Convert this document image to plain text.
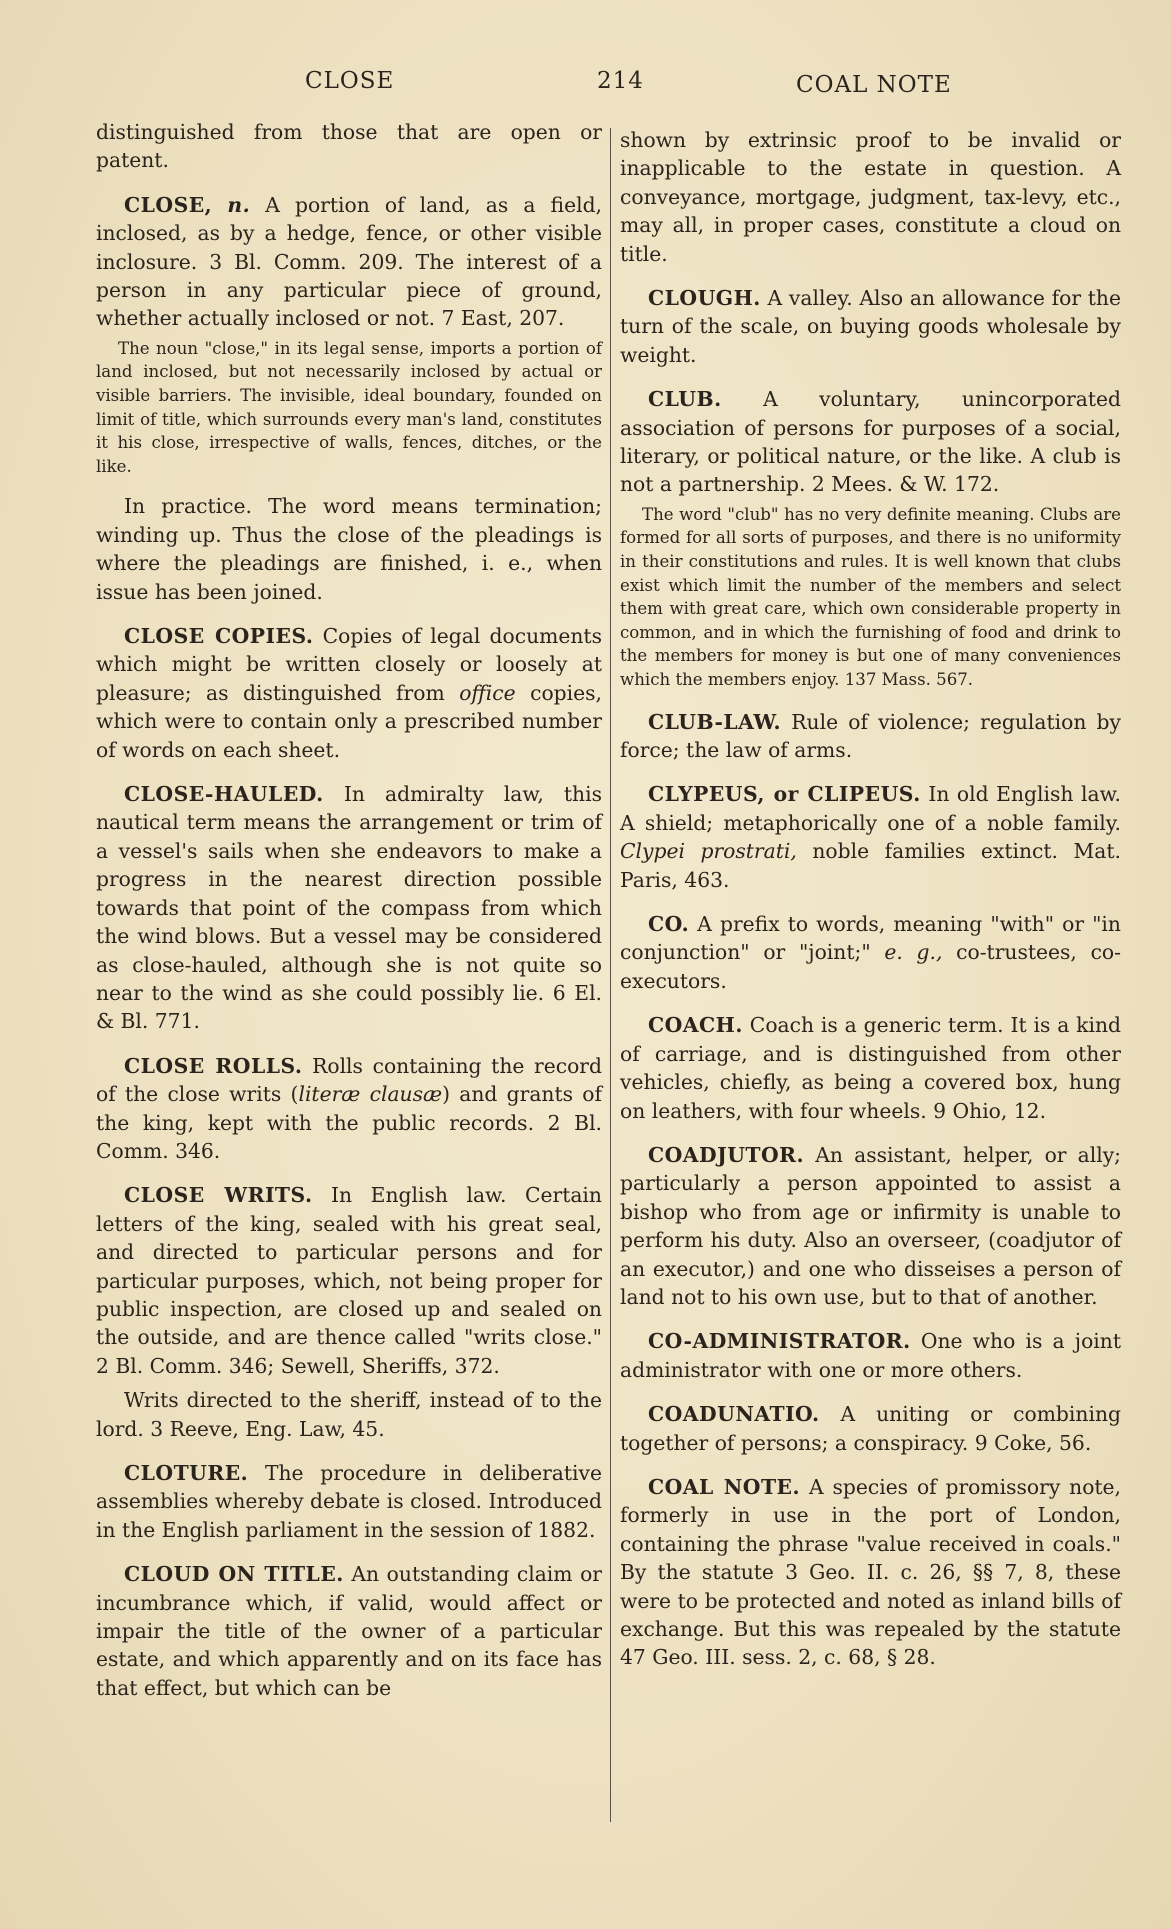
CLOSE	214	COAL NOTE

distinguished from those that are open or patent.

CLOSE, n. A portion of land, as a field, inclosed, as by a hedge, fence, or other visible inclosure. 3 Bl. Comm. 209. The interest of a person in any particular piece of ground, whether actually inclosed or not. 7 East, 207.

The noun "close," in its legal sense, imports a portion of land inclosed, but not necessarily inclosed by actual or visible barriers. The invisible, ideal boundary, founded on limit of title, which surrounds every man's land, constitutes it his close, irrespective of walls, fences, ditches, or the like.

In practice. The word means termination; winding up. Thus the close of the pleadings is where the pleadings are finished, i. e., when issue has been joined.

CLOSE COPIES. Copies of legal documents which might be written closely or loosely at pleasure; as distinguished from office copies, which were to contain only a prescribed number of words on each sheet.

CLOSE-HAULED. In admiralty law, this nautical term means the arrangement or trim of a vessel's sails when she endeavors to make a progress in the nearest direction possible towards that point of the compass from which the wind blows. But a vessel may be considered as close-hauled, although she is not quite so near to the wind as she could possibly lie. 6 El. & Bl. 771.

CLOSE ROLLS. Rolls containing the record of the close writs (literæ clausæ) and grants of the king, kept with the public records. 2 Bl. Comm. 346.

CLOSE WRITS. In English law. Certain letters of the king, sealed with his great seal, and directed to particular persons and for particular purposes, which, not being proper for public inspection, are closed up and sealed on the outside, and are thence called "writs close." 2 Bl. Comm. 346; Sewell, Sheriffs, 372.

Writs directed to the sheriff, instead of to the lord. 3 Reeve, Eng. Law, 45.

CLOTURE. The procedure in deliberative assemblies whereby debate is closed. Introduced in the English parliament in the session of 1882.

CLOUD ON TITLE. An outstanding claim or incumbrance which, if valid, would affect or impair the title of the owner of a particular estate, and which apparently and on its face has that effect, but which can be

shown by extrinsic proof to be invalid or inapplicable to the estate in question. A conveyance, mortgage, judgment, tax-levy, etc., may all, in proper cases, constitute a cloud on title.

CLOUGH. A valley. Also an allowance for the turn of the scale, on buying goods wholesale by weight.

CLUB. A voluntary, unincorporated association of persons for purposes of a social, literary, or political nature, or the like. A club is not a partnership. 2 Mees. & W. 172.

The word "club" has no very definite meaning. Clubs are formed for all sorts of purposes, and there is no uniformity in their constitutions and rules. It is well known that clubs exist which limit the number of the members and select them with great care, which own considerable property in common, and in which the furnishing of food and drink to the members for money is but one of many conveniences which the members enjoy. 137 Mass. 567.

CLUB-LAW. Rule of violence; regulation by force; the law of arms.

CLYPEUS, or CLIPEUS. In old English law. A shield; metaphorically one of a noble family. Clypei prostrati, noble families extinct. Mat. Paris, 463.

CO. A prefix to words, meaning "with" or "in conjunction" or "joint;" e. g., co-trustees, co-executors.

COACH. Coach is a generic term. It is a kind of carriage, and is distinguished from other vehicles, chiefly, as being a covered box, hung on leathers, with four wheels. 9 Ohio, 12.

COADJUTOR. An assistant, helper, or ally; particularly a person appointed to assist a bishop who from age or infirmity is unable to perform his duty. Also an overseer, (coadjutor of an executor,) and one who disseises a person of land not to his own use, but to that of another.

CO-ADMINISTRATOR. One who is a joint administrator with one or more others.

COADUNATIO. A uniting or combining together of persons; a conspiracy. 9 Coke, 56.

COAL NOTE. A species of promissory note, formerly in use in the port of London, containing the phrase "value received in coals." By the statute 3 Geo. II. c. 26, §§ 7, 8, these were to be protected and noted as inland bills of exchange. But this was repealed by the statute 47 Geo. III. sess. 2, c. 68, § 28.
